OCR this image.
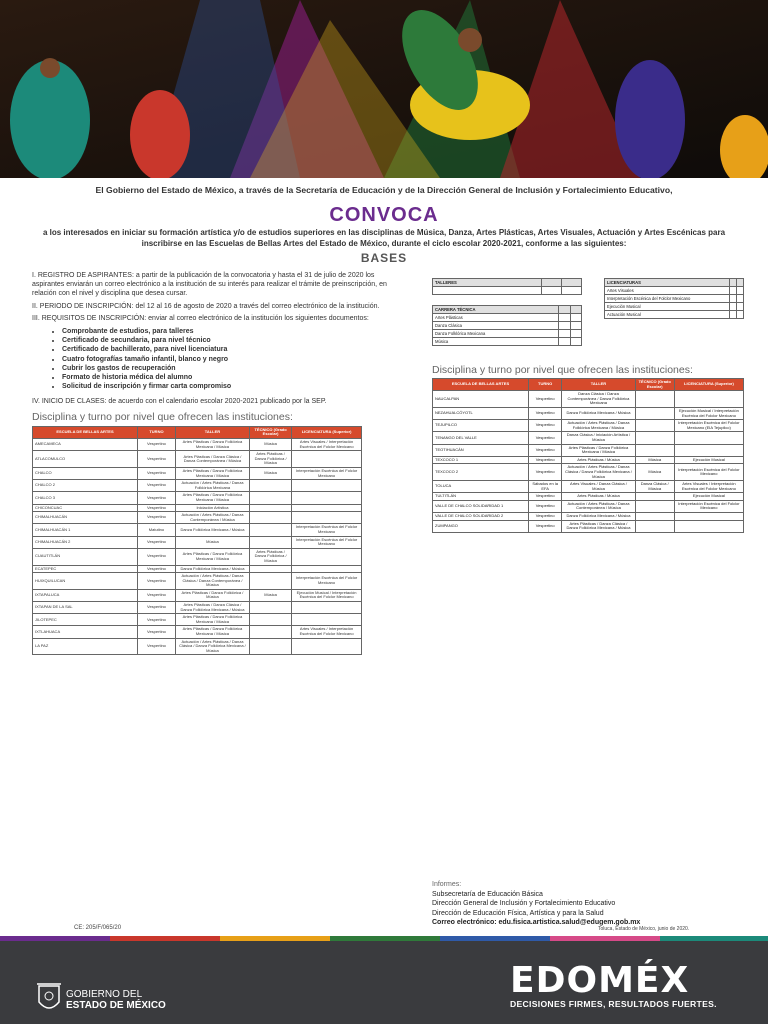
El Gobierno del Estado de México, a través de la Secretaría de Educación y de la Dirección General de Inclusión y Fortalecimiento Educativo,
CONVOCA
a los interesados en iniciar su formación artística y/o de estudios superiores en las disciplinas de Música, Danza, Artes Plásticas, Artes Visuales, Actuación y Artes Escénicas para inscribirse en las Escuelas de Bellas Artes del Estado de México, durante el ciclo escolar 2020-2021, conforme a las siguientes:
BASES

I. REGISTRO DE ASPIRANTES: a partir de la publicación de la convocatoria y hasta el 31 de julio de 2020 los aspirantes enviarán un correo electrónico a la institución de su interés para realizar el trámite de preinscripción, en relación con el nivel y disciplina que desea cursar.

II. PERIODO DE INSCRIPCIÓN: del 12 al 16 de agosto de 2020 a través del correo electrónico de la institución.

III. REQUISITOS DE INSCRIPCIÓN: enviar al correo electrónico de la institución los siguientes documentos:

• Comprobante de estudios, para talleres
• Certificado de secundaria, para nivel técnico
• Certificado de bachillerato, para nivel licenciatura
• Cuatro fotografías tamaño infantil, blanco y negro
• Cubrir los gastos de recuperación
• Formato de historia médica del alumno
• Solicitud de inscripción y firmar carta compromiso

IV. INICIO DE CLASES: de acuerdo con el calendario escolar 2020-2021 publicado por la SEP.

Disciplina y turno por nivel que ofrecen las instituciones:
ESCUELA DE BELLAS ARTES	TURNO	TALLER	TÉCNICO (Grado Escolar)	LICENCIATURA (Superior)
AMECAMECA	Vespertino	Artes Plásticas / Danza Folklórica Mexicana / Música	Música	Artes Visuales / Interpretación Escénica del Folclor Mexicano
ATLACOMULCO	Vespertino	Artes Plásticas / Danza Clásica / Danza Contemporánea / Música	Artes Plásticas / Danza Folklórica / Música	
CHALCO	Vespertino	Artes Plásticas / Danza Folklórica Mexicana / Música	Música	Interpretación Escénica del Folclor Mexicano
CHALCO 2	Vespertino	Actuación / Artes Plásticas / Danza Folklórica Mexicana		
CHALCO 3	Vespertino	Artes Plásticas / Danza Folklórica Mexicana / Música		
CHICONCUAC	Vespertino	Iniciación Artística		
CHIMALHUACÁN	Vespertino	Actuación / Artes Plásticas / Danza Contemporánea / Música		
CHIMALHUACÁN 1	Matutino	Danza Folklórica Mexicana / Música		Interpretación Escénica del Folclor Mexicano
CHIMALHUACÁN 2	Vespertino	Música		Interpretación Escénica del Folclor Mexicano
CUAUTITLÁN	Vespertino	Artes Plásticas / Danza Folklórica Mexicana / Música	Artes Plásticas / Danza Folklórica / Música	
ECATEPEC	Vespertino	Danza Folklórica Mexicana / Música		
HUIXQUILUCAN	Vespertino	Actuación / Artes Plásticas / Danza Clásica / Danza Contemporánea / Música		Interpretación Escénica del Folclor Mexicano
IXTAPALUCA	Vespertino	Artes Plásticas / Danza Folklórica / Música	Música	Ejecución Musical / Interpretación Escénica del Folclor Mexicano
IXTAPAN DE LA SAL	Vespertino	Artes Plásticas / Danza Clásica / Danza Folklórica Mexicana / Música		
JILOTEPEC	Vespertino	Artes Plásticas / Danza Folklórica Mexicana / Música		
IXTLAHUACA	Vespertino	Artes Plásticas / Danza Folklórica Mexicana / Música		Artes Visuales / Interpretación Escénica del Folclor Mexicano
LA PAZ	Vespertino	Actuación / Artes Plásticas / Danza Clásica / Danza Folklórica Mexicana / Música		
TALLERES		

CARRERA TÉCNICA		
Artes Plásticas		
Danza Clásica		
Danza Folklórica Mexicana		
Música		
LICENCIATURAS		
Artes Visuales		
Interpretación Escénica del Folclor Mexicano		
Ejecución Musical		
Actuación Musical		
Disciplina y turno por nivel que ofrecen las instituciones:
ESCUELA DE BELLAS ARTES	TURNO	TALLER	TÉCNICO (Grado Escolar)	LICENCIATURA (Superior)
NAUCALPAN	Vespertino	Danza Clásica / Danza Contemporánea / Danza Folklórica Mexicana		
NEZAHUALCÓYOTL	Vespertino	Danza Folklórica Mexicana / Música		Ejecución Musical / Interpretación Escénica del Folclor Mexicano
TEJUPILCO	Vespertino	Actuación / Artes Plásticas / Danza Folklórica Mexicana / Música		Interpretación Escénica del Folclor Mexicano (EIA Tejupilco)
TENANGO DEL VALLE	Vespertino	Danza Clásica / Iniciación Artística / Música		
TEOTIHUACÁN	Vespertino	Artes Plásticas / Danza Folklórica Mexicana / Música		
TEXCOCO 1	Vespertino	Artes Plásticas / Música	Música	Ejecución Musical
TEXCOCO 2	Vespertino	Actuación / Artes Plásticas / Danza Clásica / Danza Folklórica Mexicana / Música	Música	Interpretación Escénica del Folclor Mexicano
TOLUCA	Sábados en la EFA	Artes Visuales / Danza Clásica / Música	Danza Clásica / Música	Artes Visuales / Interpretación Escénica del Folclor Mexicano
TULTITLÁN	Vespertino	Artes Plásticas / Música		Ejecución Musical
VALLE DE CHALCO SOLIDARIDAD 1	Vespertino	Actuación / Artes Plásticas / Danza Contemporánea / Música		Interpretación Escénica del Folclor Mexicano
VALLE DE CHALCO SOLIDARIDAD 2	Vespertino	Danza Folklórica Mexicana / Música		
ZUMPANGO	Vespertino	Artes Plásticas / Danza Clásica / Danza Folklórica Mexicana / Música		
Informes:
Subsecretaría de Educación Básica
Dirección General de Inclusión y Fortalecimiento Educativo
Dirección de Educación Física, Artística y para la Salud
Correo electrónico: edu.fisica.artistica.salud@edugem.gob.mx
Toluca, Estado de México, junio de 2020.
CE: 205/F/065/20
GOBIERNO DEL
ESTADO DE MÉXICO
EDOMÉX
DECISIONES FIRMES, RESULTADOS FUERTES.
